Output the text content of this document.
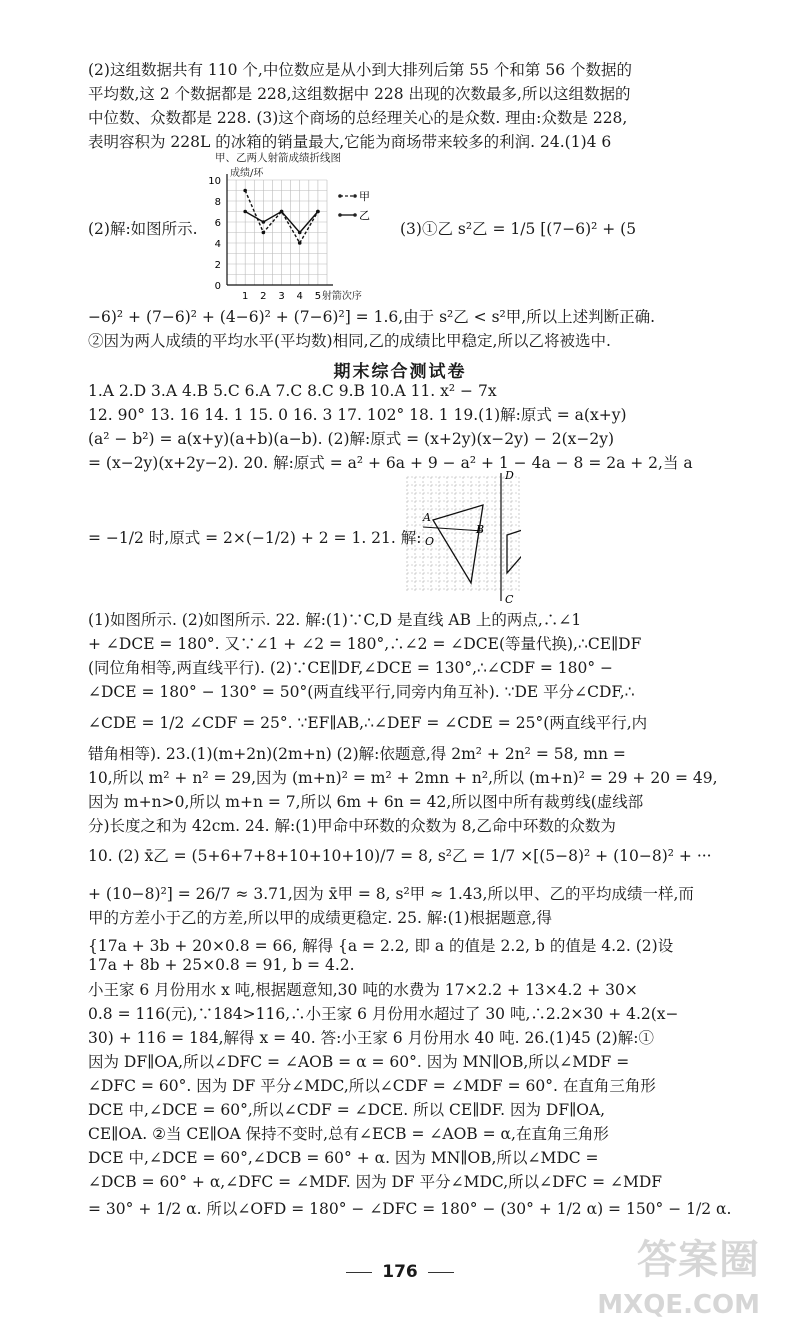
(2)这组数据共有 110 个,中位数应是从小到大排列后第 55 个和第 56 个数据的
平均数,这 2 个数据都是 228,这组数据中 228 出现的次数最多,所以这组数据的
中位数、众数都是 228. (3)这个商场的总经理关心的是众数. 理由:众数是 228,
表明容积为 228L 的冰箱的销量最大,它能为商场带来较多的利润. 24.(1)4 6
甲、乙两人射箭成绩折线图
成绩/环
射箭次序
0
2
4
6
8
10
1 2 3 4 5
甲
乙
(2)解:如图所示.	(3)①乙 s²乙 = 1/5 [(7−6)² + (5
−6)² + (7−6)² + (4−6)² + (7−6)²] = 1.6,由于 s²乙 < s²甲,所以上述判断正确.
②因为两人成绩的平均水平(平均数)相同,乙的成绩比甲稳定,所以乙将被选中.
期末综合测试卷
1.A 2.D 3.A 4.B 5.C 6.A 7.C 8.C 9.B 10.A 11. x² − 7x
12. 90° 13. 16 14. 1 15. 0 16. 3 17. 102° 18. 1 19.(1)解:原式 = a(x+y)
(a² − b²) = a(x+y)(a+b)(a−b). (2)解:原式 = (x+2y)(x−2y) − 2(x−2y)
= (x−2y)(x+2y−2). 20. 解:原式 = a² + 6a + 9 − a² + 1 − 4a − 8 = 2a + 2,当 a
D
C
A
B
O
= −1/2 时,原式 = 2×(−1/2) + 2 = 1. 21. 解:
(1)如图所示. (2)如图所示. 22. 解:(1)∵C,D 是直线 AB 上的两点,∴∠1
+ ∠DCE = 180°. 又∵∠1 + ∠2 = 180°,∴∠2 = ∠DCE(等量代换),∴CE∥DF
(同位角相等,两直线平行). (2)∵CE∥DF,∠DCE = 130°,∴∠CDF = 180° −
∠DCE = 180° − 130° = 50°(两直线平行,同旁内角互补). ∵DE 平分∠CDF,∴
∠CDE = 1/2 ∠CDF = 25°. ∵EF∥AB,∴∠DEF = ∠CDE = 25°(两直线平行,内
错角相等). 23.(1)(m+2n)(2m+n) (2)解:依题意,得 2m² + 2n² = 58, mn =
10,所以 m² + n² = 29,因为 (m+n)² = m² + 2mn + n²,所以 (m+n)² = 29 + 20 = 49,
因为 m+n>0,所以 m+n = 7,所以 6m + 6n = 42,所以图中所有裁剪线(虚线部
分)长度之和为 42cm. 24. 解:(1)甲命中环数的众数为 8,乙命中环数的众数为
10. (2) x̄乙 = (5+6+7+8+10+10+10)/7 = 8, s²乙 = 1/7 ×[(5−8)² + (10−8)² + ···
+ (10−8)²] = 26/7 ≈ 3.71,因为 x̄甲 = 8, s²甲 ≈ 1.43,所以甲、乙的平均成绩一样,而
甲的方差小于乙的方差,所以甲的成绩更稳定. 25. 解:(1)根据题意,得
{17a + 3b + 20×0.8 = 66, 解得 {a = 2.2, 即 a 的值是 2.2, b 的值是 4.2. (2)设
17a + 8b + 25×0.8 = 91, b = 4.2.
小王家 6 月份用水 x 吨,根据题意知,30 吨的水费为 17×2.2 + 13×4.2 + 30×
0.8 = 116(元),∵184>116,∴小王家 6 月份用水超过了 30 吨,∴2.2×30 + 4.2(x−
30) + 116 = 184,解得 x = 40. 答:小王家 6 月份用水 40 吨. 26.(1)45 (2)解:①
因为 DF∥OA,所以∠DFC = ∠AOB = α = 60°. 因为 MN∥OB,所以∠MDF =
∠DFC = 60°. 因为 DF 平分∠MDC,所以∠CDF = ∠MDF = 60°. 在直角三角形
DCE 中,∠DCE = 60°,所以∠CDF = ∠DCE. 所以 CE∥DF. 因为 DF∥OA,
CE∥OA. ②当 CE∥OA 保持不变时,总有∠ECB = ∠AOB = α,在直角三角形
DCE 中,∠DCE = 60°,∠DCB = 60° + α. 因为 MN∥OB,所以∠MDC =
∠DCB = 60° + α,∠DFC = ∠MDF. 因为 DF 平分∠MDC,所以∠DFC = ∠MDF
= 30° + 1/2 α. 所以∠OFD = 180° − ∠DFC = 180° − (30° + 1/2 α) = 150° − 1/2 α.
176	答案圈
MXQE.COM
